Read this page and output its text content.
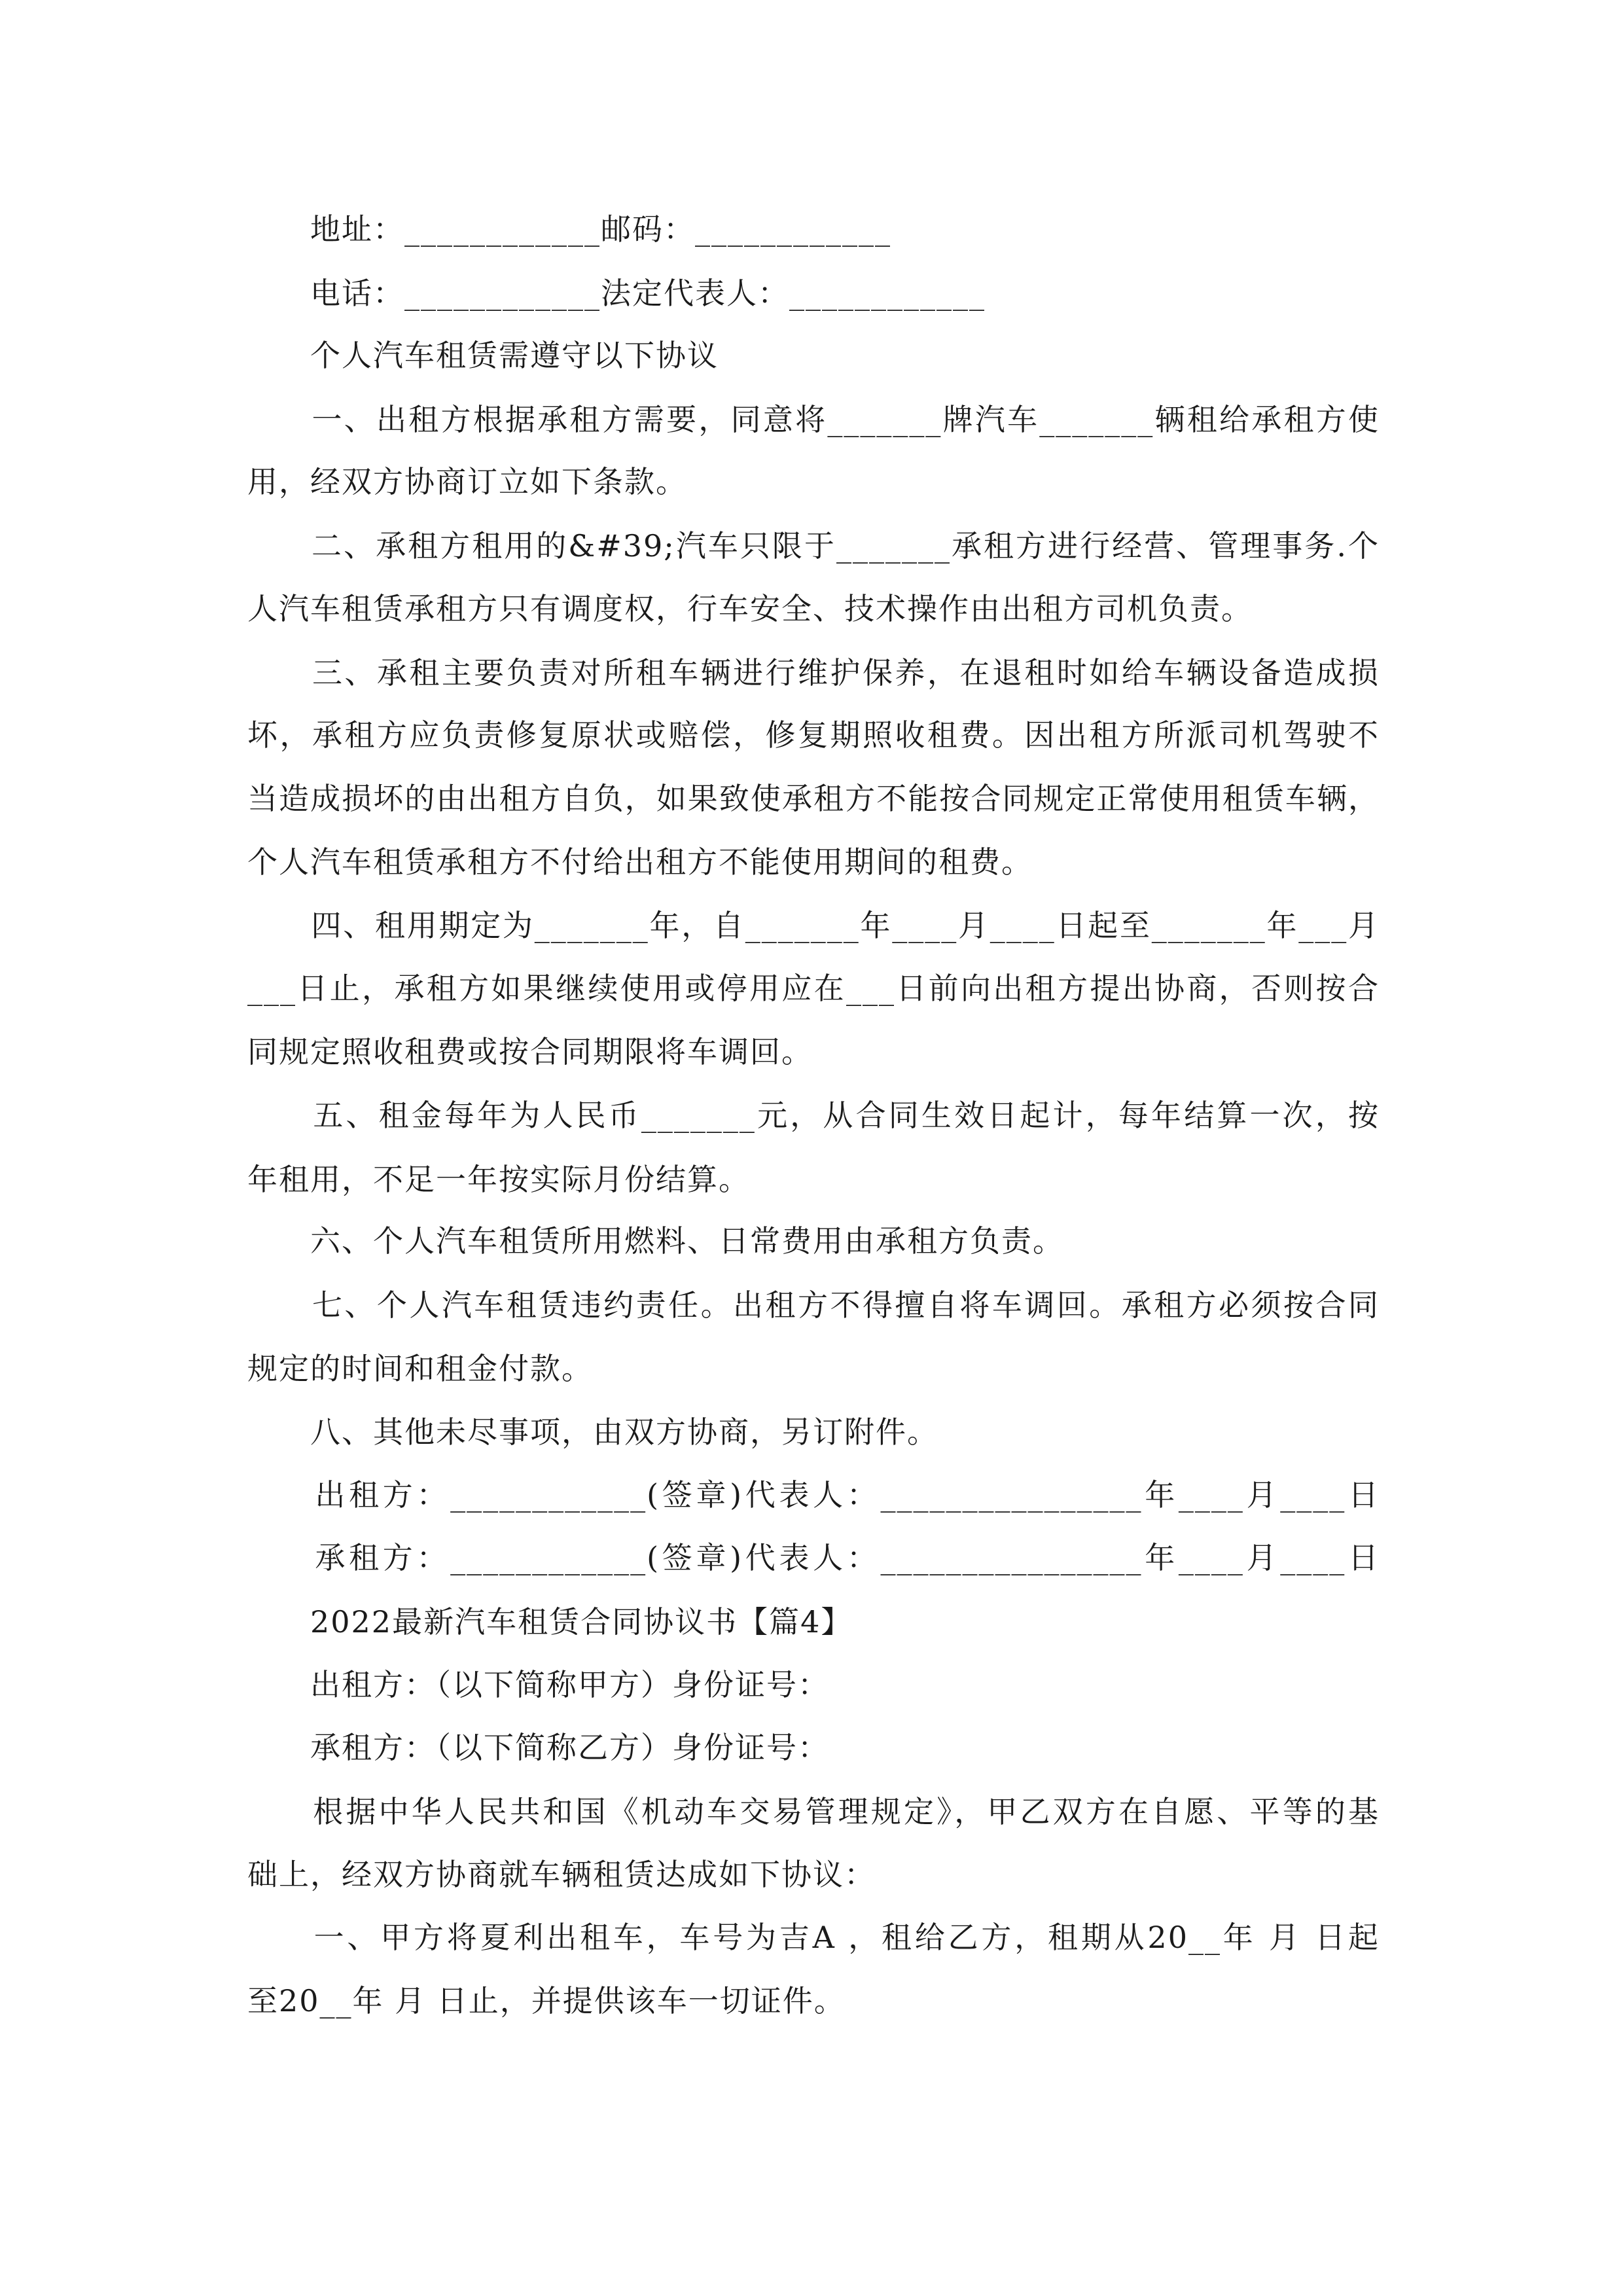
　　地址：____________邮码：____________
　　电话：____________法定代表人：____________
　　个人汽车租赁需遵守以下协议
　　一、出租方根据承租方需要，同意将_______牌汽车_______辆租给承租方使
用，经双方协商订立如下条款。
　　二、承租方租用的&#39;汽车只限于_______承租方进行经营、管理事务.个
人汽车租赁承租方只有调度权，行车安全、技术操作由出租方司机负责。
　　三、承租主要负责对所租车辆进行维护保养，在退租时如给车辆设备造成损
坏，承租方应负责修复原状或赔偿，修复期照收租费。因出租方所派司机驾驶不
当造成损坏的由出租方自负，如果致使承租方不能按合同规定正常使用租赁车辆，
个人汽车租赁承租方不付给出租方不能使用期间的租费。
　　四、租用期定为_______年，自_______年____月____日起至_______年___月
___日止，承租方如果继续使用或停用应在___日前向出租方提出协商，否则按合
同规定照收租费或按合同期限将车调回。
　　五、租金每年为人民币_______元，从合同生效日起计，每年结算一次，按
年租用，不足一年按实际月份结算。
　　六、个人汽车租赁所用燃料、日常费用由承租方负责。
　　七、个人汽车租赁违约责任。出租方不得擅自将车调回。承租方必须按合同
规定的时间和租金付款。
　　八、其他未尽事项，由双方协商，另订附件。
　　出租方：____________(签章)代表人：________________年____月____日
　　承租方：____________(签章)代表人：________________年____月____日
　　2022最新汽车租赁合同协议书【篇4】
　　出租方：（以下简称甲方）身份证号：
　　承租方：（以下简称乙方）身份证号：
　　根据中华人民共和国《机动车交易管理规定》，甲乙双方在自愿、平等的基
础上，经双方协商就车辆租赁达成如下协议：
　　一、甲方将夏利出租车，车号为吉A ，租给乙方，租期从20__年 月 日起
至20__年 月 日止，并提供该车一切证件。
